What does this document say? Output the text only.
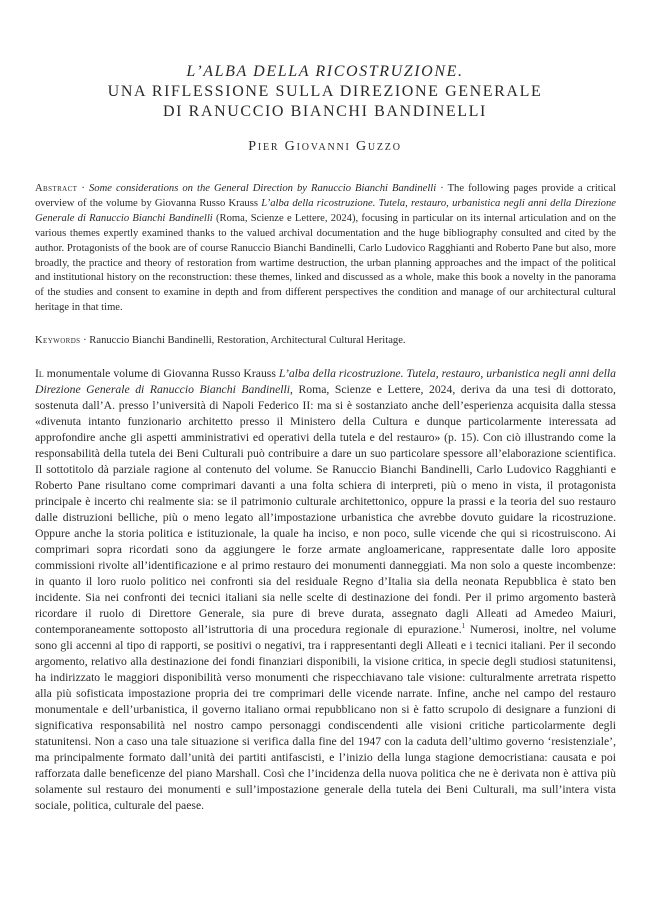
L’ALBA DELLA RICOSTRUZIONE.

UNA RIFLESSIONE SULLA DIREZIONE GENERALE

DI RANUCCIO BIANCHI BANDINELLI

Pier Giovanni Guzzo
Abstract · Some considerations on the General Direction by Ranuccio Bianchi Bandinelli · The following pages provide a critical overview of the volume by Giovanna Russo Krauss L’alba della ricostruzione. Tutela, restauro, urbanistica negli anni della Direzione Generale di Ranuccio Bianchi Bandinelli (Roma, Scienze e Lettere, 2024), focusing in particular on its internal articulation and on the various themes expertly examined thanks to the valued archival documentation and the huge bibliography consulted and cited by the author. Protagonists of the book are of course Ranuccio Bianchi Bandinelli, Carlo Ludovico Ragghianti and Roberto Pane but also, more broadly, the practice and theory of restoration from wartime destruction, the urban planning approaches and the impact of the political and institutional history on the reconstruction: these themes, linked and discussed as a whole, make this book a novelty in the panorama of the studies and consent to examine in depth and from different perspectives the condition and manage of our architectural cultural heritage in that time.
Keywords · Ranuccio Bianchi Bandinelli, Restoration, Architectural Cultural Heritage.
Il monumentale volume di Giovanna Russo Krauss L’alba della ricostruzione. Tutela, restauro, urbanistica negli anni della Direzione Generale di Ranuccio Bianchi Bandinelli, Roma, Scienze e Lettere, 2024, deriva da una tesi di dottorato, sostenuta dall’A. presso l’università di Napoli Federico II: ma si è sostanziato anche dell’esperienza acquisita dalla stessa «divenuta intanto funzionario architetto presso il Ministero della Cultura e dunque particolarmente interessata ad approfondire anche gli aspetti amministrativi ed operativi della tutela e del restauro» (p. 15). Con ciò illustrando come la responsabilità della tutela dei Beni Culturali può contribuire a dare un suo particolare spessore all’elaborazione scientifica. Il sottotitolo dà parziale ragione al contenuto del volume. Se Ranuccio Bianchi Bandinelli, Carlo Ludovico Ragghianti e Roberto Pane risultano come comprimari davanti a una folta schiera di interpreti, più o meno in vista, il protagonista principale è incerto chi realmente sia: se il patrimonio culturale architettonico, oppure la prassi e la teoria del suo restauro dalle distruzioni belliche, più o meno legato all’impostazione urbanistica che avrebbe dovuto guidare la ricostruzione. Oppure anche la storia politica e istituzionale, la quale ha inciso, e non poco, sulle vicende che qui si ricostruiscono. Ai comprimari sopra ricordati sono da aggiungere le forze armate angloamericane, rappresentate dalle loro apposite commissioni rivolte all’identificazione e al primo restauro dei monumenti danneggiati. Ma non solo a queste incombenze: in quanto il loro ruolo politico nei confronti sia del residuale Regno d’Italia sia della neonata Repubblica è stato ben incidente. Sia nei confronti dei tecnici italiani sia nelle scelte di destinazione dei fondi. Per il primo argomento basterà ricordare il ruolo di Direttore Generale, sia pure di breve durata, assegnato dagli Alleati ad Amedeo Maiuri, contemporaneamente sottoposto all’istruttoria di una procedura regionale di epurazione.$^1$ Numerosi, inoltre, nel volume sono gli accenni al tipo di rapporti, se positivi o negativi, tra i rappresentanti degli Alleati e i tecnici italiani. Per il secondo argomento, relativo alla destinazione dei fondi finanziari disponibili, la visione critica, in specie degli studiosi statunitensi, ha indirizzato le maggiori disponibilità verso monumenti che rispecchiavano tale visione: culturalmente arretrata rispetto alla più sofisticata impostazione propria dei tre comprimari delle vicende narrate. Infine, anche nel campo del restauro monumentale e dell’urbanistica, il governo italiano ormai repubblicano non si è fatto scrupolo di designare a funzioni di significativa responsabilità nel nostro campo personaggi condiscendenti alle visioni critiche particolarmente degli statunitensi. Non a caso una tale situazione si verifica dalla fine del 1947 con la caduta dell’ultimo governo ‘resistenziale’, ma principalmente formato dall’unità dei partiti antifascisti, e l’inizio della lunga stagione democristiana: causata e poi rafforzata dalle beneficenze del piano Marshall. Così che l’incidenza della nuova politica che ne è derivata non è attiva più solamente sul restauro dei monumenti e sull’impostazione generale della tutela dei Beni Culturali, ma sull’intera vista sociale, politica, culturale del paese.
